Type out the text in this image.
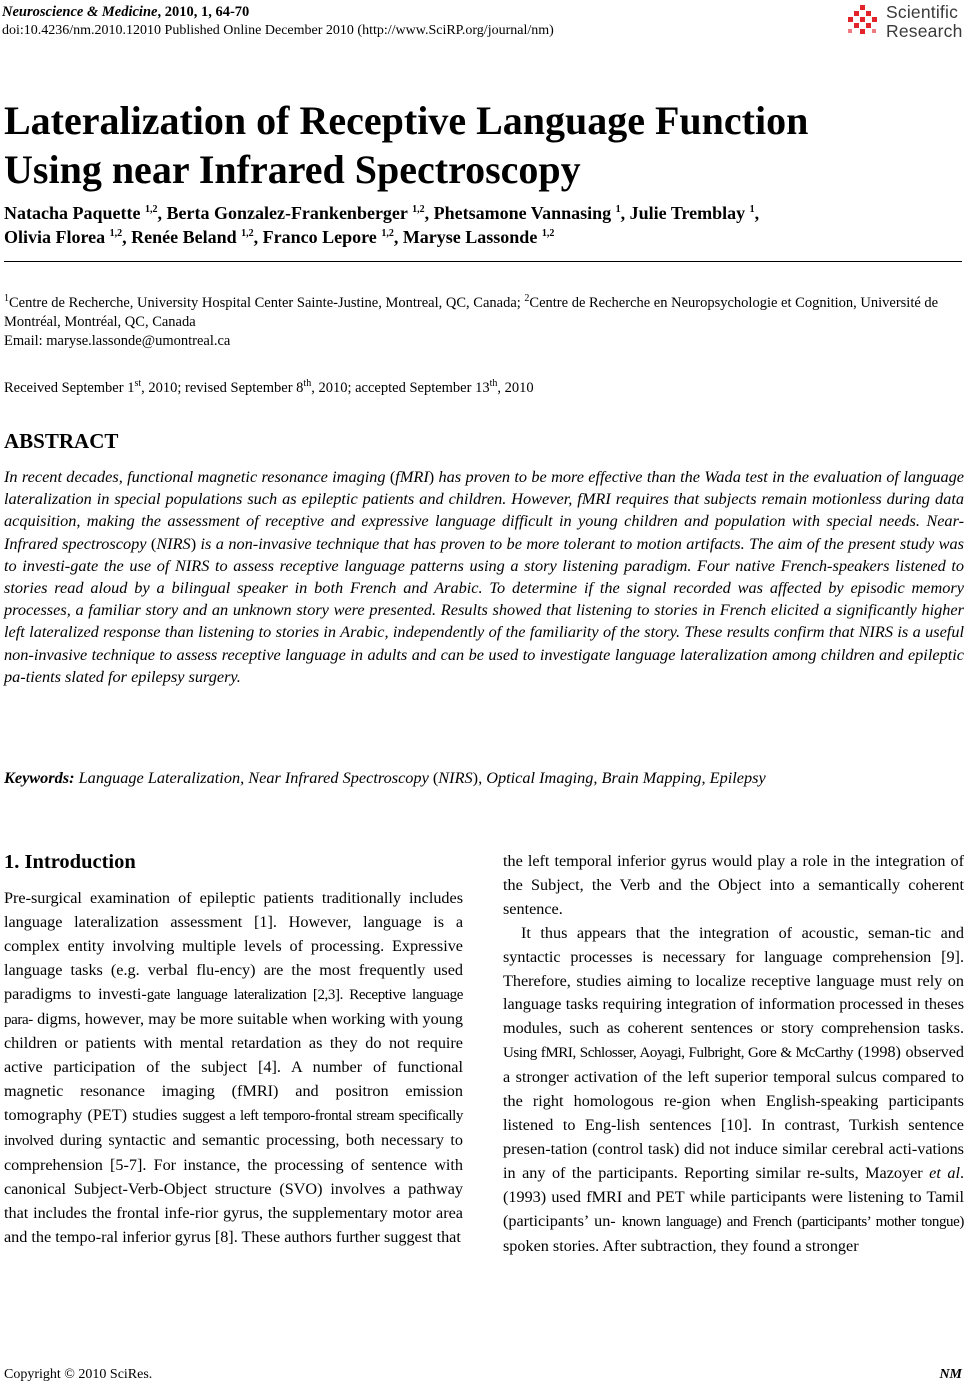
Neuroscience & Medicine, 2010, 1, 64-70
doi:10.4236/nm.2010.12010 Published Online December 2010 (http://www.SciRP.org/journal/nm)
Scientific
Research
Lateralization of Receptive Language Function
Using near Infrared Spectroscopy
Natacha Paquette $^{1,2}$, Berta Gonzalez-Frankenberger $^{1,2}$, Phetsamone Vannasing $^1$, Julie Tremblay $^1$,
Olivia Florea $^{1,2}$, Renée Beland $^{1,2}$, Franco Lepore $^{1,2}$, Maryse Lassonde $^{1,2}$
$^1$Centre de Recherche, University Hospital Center Sainte-Justine, Montreal, QC, Canada; $^2$Centre de Recherche en Neuropsychologie et Cognition, Université de Montréal, Montréal, QC, Canada
Email: maryse.lassonde@umontreal.ca
Received September 1st, 2010; revised September 8th, 2010; accepted September 13th, 2010
ABSTRACT
In recent decades, functional magnetic resonance imaging (fMRI) has proven to be more effective than the Wada test in the evaluation of language lateralization in special populations such as epileptic patients and children. However, fMRI requires that subjects remain motionless during data acquisition, making the assessment of receptive and expressive language difficult in young children and population with special needs. Near-Infrared spectroscopy (NIRS) is a non-invasive technique that has proven to be more tolerant to motion artifacts. The aim of the present study was to investi-gate the use of NIRS to assess receptive language patterns using a story listening paradigm. Four native French-speakers listened to stories read aloud by a bilingual speaker in both French and Arabic. To determine if the signal recorded was affected by episodic memory processes, a familiar story and an unknown story were presented. Results showed that listening to stories in French elicited a significantly higher left lateralized response than listening to stories in Arabic, independently of the familiarity of the story. These results confirm that NIRS is a useful non-invasive technique to assess receptive language in adults and can be used to investigate language lateralization among children and epileptic pa-tients slated for epilepsy surgery.
Keywords: Language Lateralization, Near Infrared Spectroscopy (NIRS), Optical Imaging, Brain Mapping, Epilepsy
1. Introduction

Pre-surgical examination of epileptic patients traditionally includes language lateralization assessment [1]. However, language is a complex entity involving multiple levels of processing. Expressive language tasks (e.g. verbal flu-ency) are the most frequently used paradigms to investi-gate language lateralization [2,3]. Receptive language para- digms, however, may be more suitable when working with young children or patients with mental retardation as they do not require active participation of the subject [4]. A number of functional magnetic resonance imaging (fMRI) and positron emission tomography (PET) studies suggest a left temporo-frontal stream specifically involved during syntactic and semantic processing, both necessary to comprehension [5-7]. For instance, the processing of sentence with canonical Subject-Verb-Object structure (SVO) involves a pathway that includes the frontal infe-rior gyrus, the supplementary motor area and the tempo-ral inferior gyrus [8]. These authors further suggest that

the left temporal inferior gyrus would play a role in the integration of the Subject, the Verb and the Object into a semantically coherent sentence.

It thus appears that the integration of acoustic, seman-tic and syntactic processes is necessary for language comprehension [9]. Therefore, studies aiming to localize receptive language must rely on language tasks requiring integration of information processed in theses modules, such as coherent sentences or story comprehension tasks. Using fMRI, Schlosser, Aoyagi, Fulbright, Gore & McCarthy (1998) observed a stronger activation of the left superior temporal sulcus compared to the right homologous re-gion when English-speaking participants listened to Eng-lish sentences [10]. In contrast, Turkish sentence presen-tation (control task) did not induce similar cerebral acti-vations in any of the participants. Reporting similar re-sults, Mazoyer et al. (1993) used fMRI and PET while participants were listening to Tamil (participants’ un- known language) and French (participants’ mother tongue) spoken stories. After subtraction, they found a stronger

Copyright © 2010 SciRes.	NM
